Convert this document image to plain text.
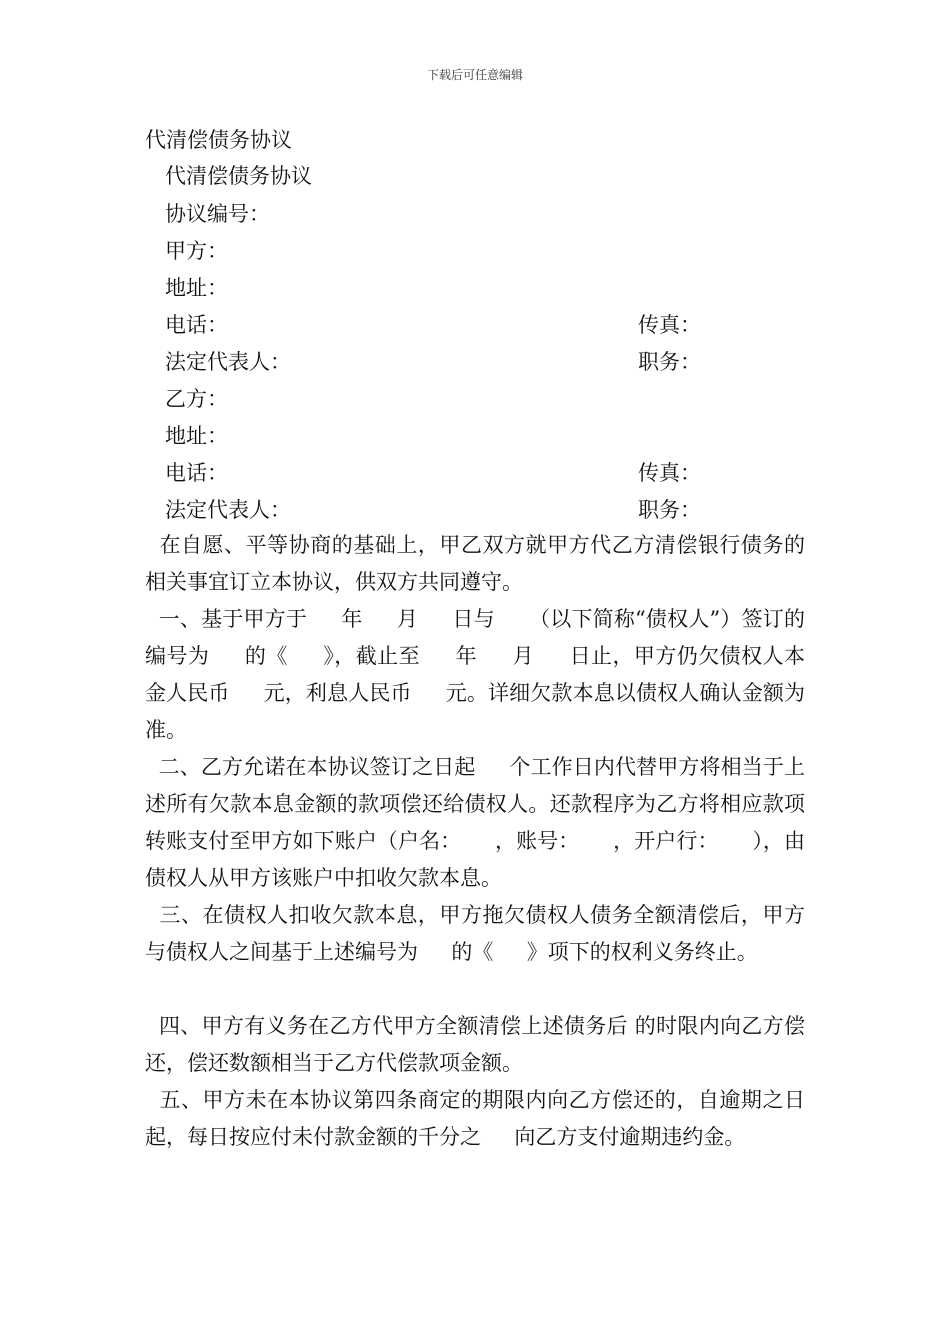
下载后可任意编辑
代清偿债务协议
代清偿债务协议
协议编号：
甲方：
地址：
电话：	传真：
法定代表人：	职务：
乙方：
地址：
电话：	传真：
法定代表人：	职务：
在自愿、平等协商的基础上，甲乙双方就甲方代乙方清偿银行债务的相关事宜订立本协议，供双方共同遵守。
一、基于甲方于     年     月     日与     （以下简称“债权人”）签订的编号为     的《     》，截止至     年     月     日止，甲方仍欠债权人本金人民币     元，利息人民币     元。详细欠款本息以债权人确认金额为准。
二、乙方允诺在本协议签订之日起     个工作日内代替甲方将相当于上述所有欠款本息金额的款项偿还给债权人。还款程序为乙方将相应款项转账支付至甲方如下账户（户名：     ，账号：     ，开户行：     ），由债权人从甲方该账户中扣收欠款本息。
三、在债权人扣收欠款本息，甲方拖欠债权人债务全额清偿后，甲方与债权人之间基于上述编号为     的《     》项下的权利义务终止。
四、甲方有义务在乙方代甲方全额清偿上述债务后 的时限内向乙方偿还，偿还数额相当于乙方代偿款项金额。
五、甲方未在本协议第四条商定的期限内向乙方偿还的，自逾期之日起，每日按应付未付款金额的千分之     向乙方支付逾期违约金。
